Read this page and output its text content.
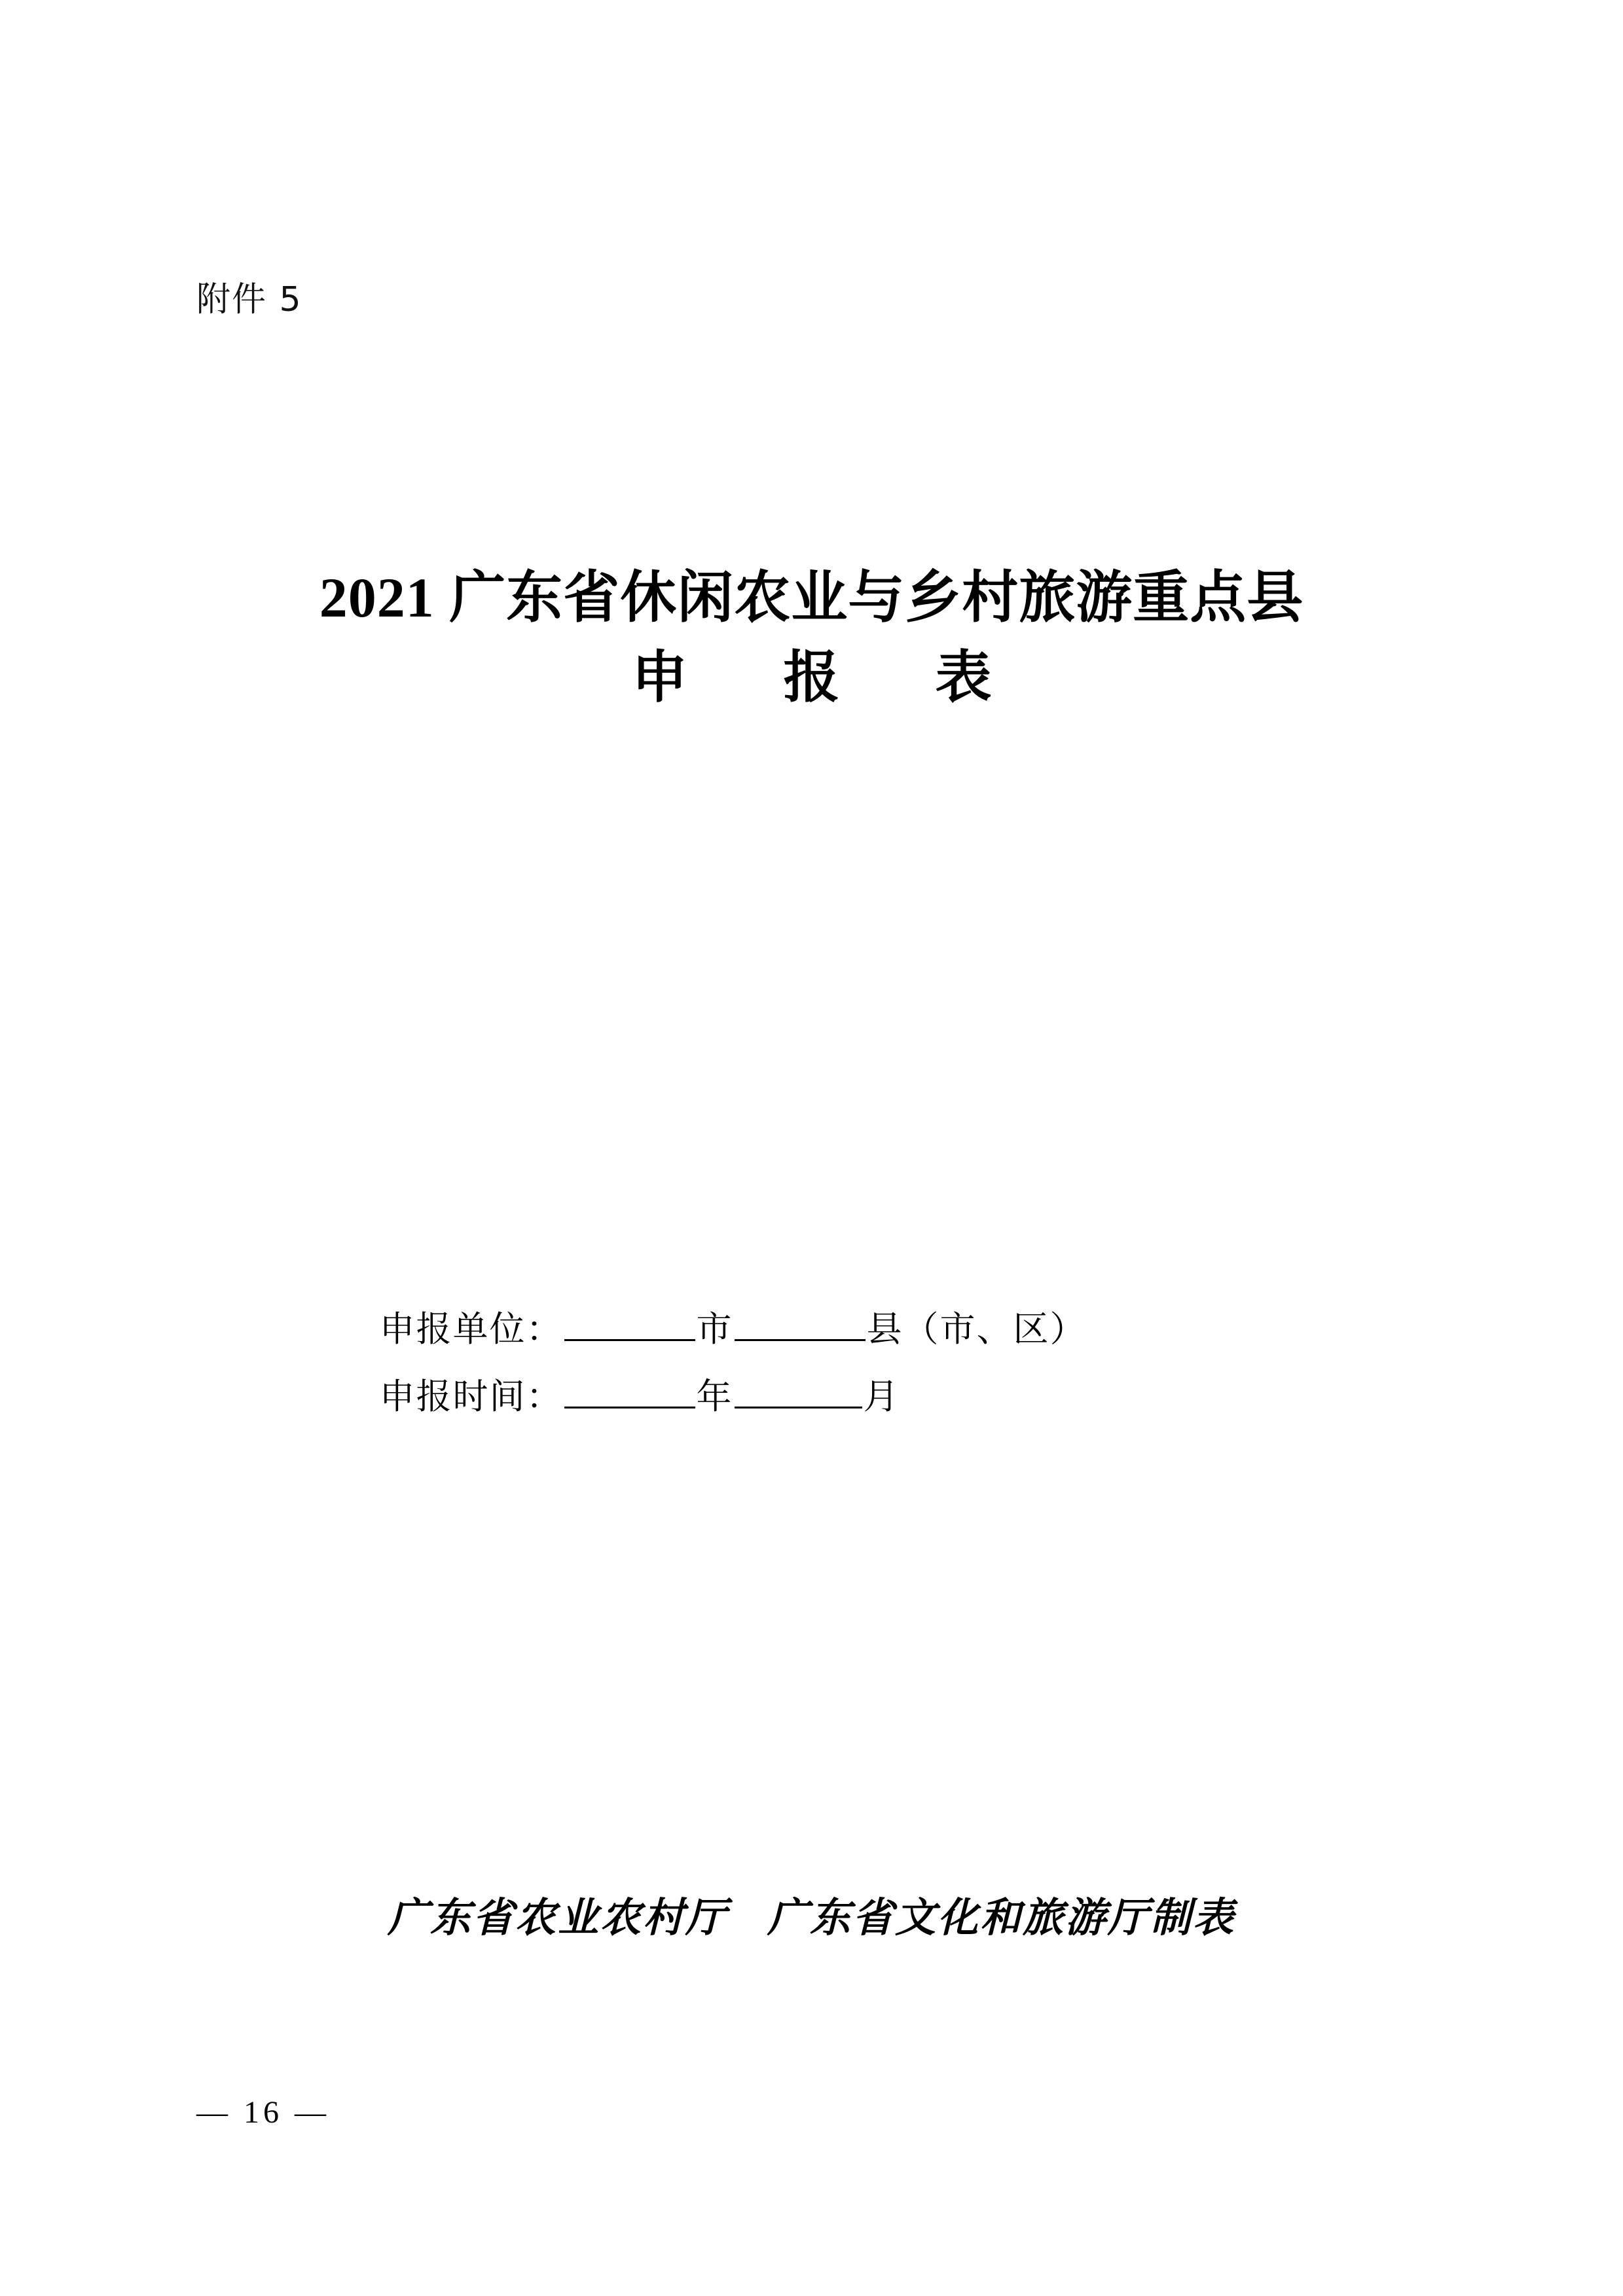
附件 5
2021 广东省休闲农业与乡村旅游重点县
申　报　表
申报单位：	市	县（市、区）
申报时间：	年	月
广东省农业农村厅 广东省文化和旅游厅制表
— 16 —
